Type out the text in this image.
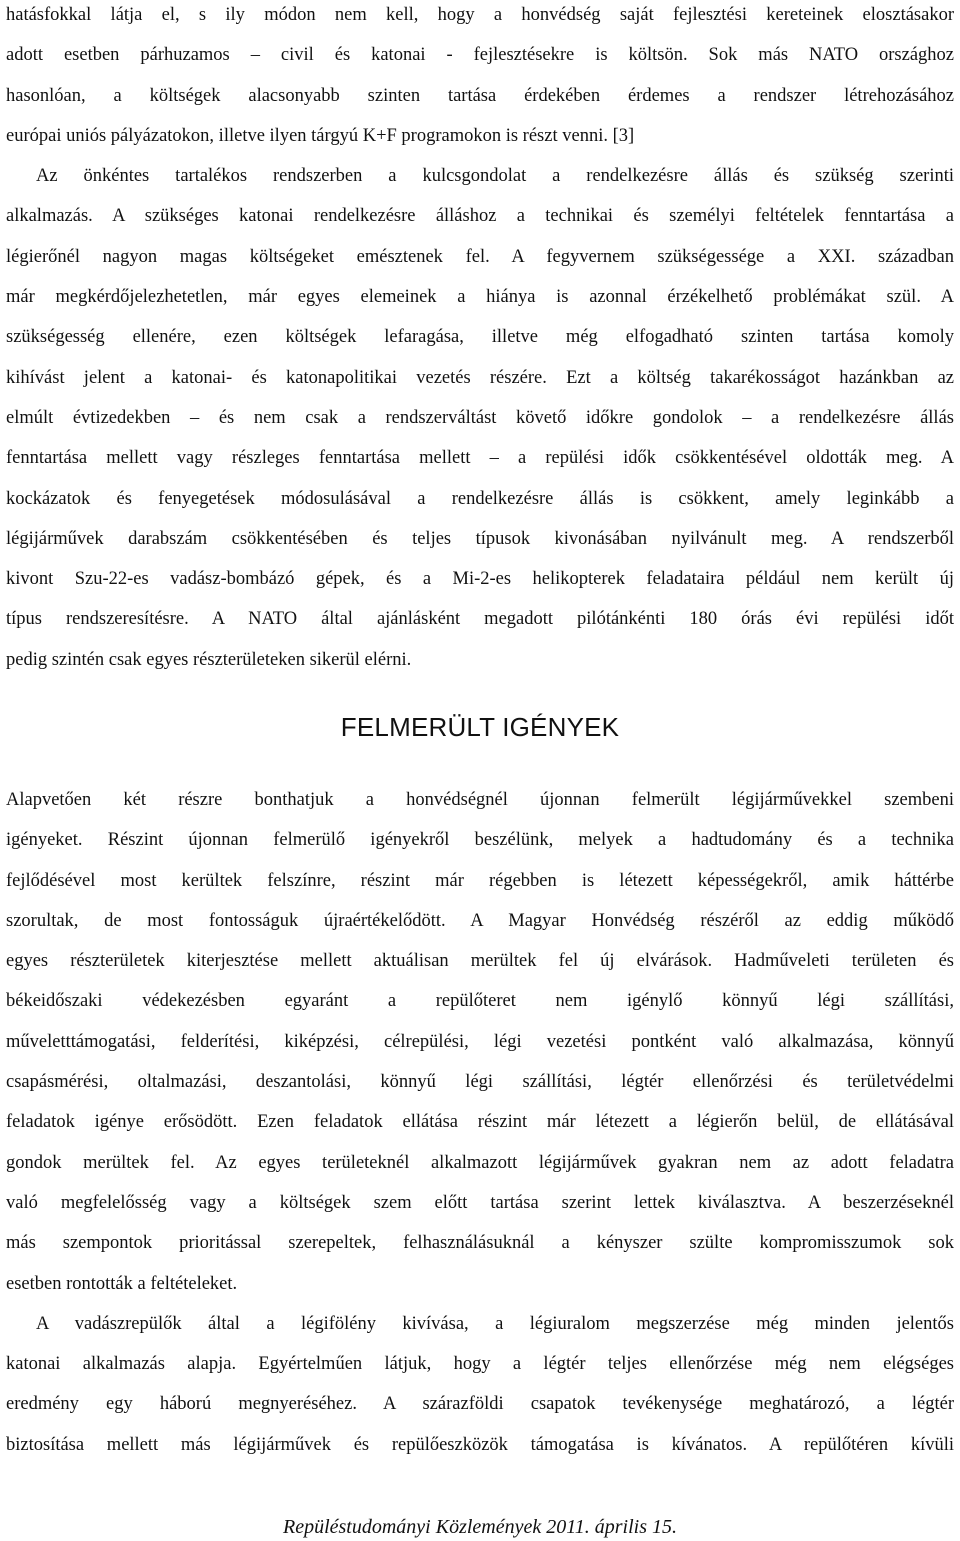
hatásfokkal látja el, s ily módon nem kell, hogy a honvédség saját fejlesztési kereteinek elosztásakor
adott esetben párhuzamos – civil és katonai - fejlesztésekre is költsön. Sok más NATO országhoz
hasonlóan, a költségek alacsonyabb szinten tartása érdekében érdemes a rendszer létrehozásához
európai uniós pályázatokon, illetve ilyen tárgyú K+F programokon is részt venni. [3]
Az önkéntes tartalékos rendszerben a kulcsgondolat a rendelkezésre állás és szükség szerinti
alkalmazás. A szükséges katonai rendelkezésre álláshoz a technikai és személyi feltételek fenntartása a
légierőnél nagyon magas költségeket emésztenek fel. A fegyvernem szükségessége a XXI. században
már megkérdőjelezhetetlen, már egyes elemeinek a hiánya is azonnal érzékelhető problémákat szül. A
szükségesség ellenére, ezen költségek lefaragása, illetve még elfogadható szinten tartása komoly
kihívást jelent a katonai- és katonapolitikai vezetés részére. Ezt a költség takarékosságot hazánkban az
elmúlt évtizedekben – és nem csak a rendszerváltást követő időkre gondolok – a rendelkezésre állás
fenntartása mellett vagy részleges fenntartása mellett – a repülési idők csökkentésével oldották meg. A
kockázatok és fenyegetések módosulásával a rendelkezésre állás is csökkent, amely leginkább a
légijárművek darabszám csökkentésében és teljes típusok kivonásában nyilvánult meg. A rendszerből
kivont Szu-22-es vadász-bombázó gépek, és a Mi-2-es helikopterek feladataira például nem került új
típus rendszeresítésre. A NATO által ajánlásként megadott pilótánkénti 180 órás évi repülési időt
pedig szintén csak egyes részterületeken sikerül elérni.
FELMERÜLT IGÉNYEK
Alapvetően két részre bonthatjuk a honvédségnél újonnan felmerült légijárművekkel szembeni
igényeket. Részint újonnan felmerülő igényekről beszélünk, melyek a hadtudomány és a technika
fejlődésével most kerültek felszínre, részint már régebben is létezett képességekről, amik háttérbe
szorultak, de most fontosságuk újraértékelődött. A Magyar Honvédség részéről az eddig működő
egyes részterületek kiterjesztése mellett aktuálisan merültek fel új elvárások. Hadműveleti területen és
békeidőszaki védekezésben egyaránt a repülőteret nem igénylő könnyű légi szállítási,
műveletttámogatási, felderítési, kiképzési, célrepülési, légi vezetési pontként való alkalmazása, könnyű
csapásmérési, oltalmazási, deszantolási, könnyű légi szállítási, légtér ellenőrzési és területvédelmi
feladatok igénye erősödött. Ezen feladatok ellátása részint már létezett a légierőn belül, de ellátásával
gondok merültek fel. Az egyes területeknél alkalmazott légijárművek gyakran nem az adott feladatra
való megfelelősség vagy a költségek szem előtt tartása szerint lettek kiválasztva. A beszerzéseknél
más szempontok prioritással szerepeltek, felhasználásuknál a kényszer szülte kompromisszumok sok
esetben rontották a feltételeket.
A vadászrepülők által a légifölény kivívása, a légiuralom megszerzése még minden jelentős
katonai alkalmazás alapja. Egyértelműen látjuk, hogy a légtér teljes ellenőrzése még nem elégséges
eredmény egy háború megnyeréséhez. A szárazföldi csapatok tevékenysége meghatározó, a légtér
biztosítása mellett más légijárművek és repülőeszközök támogatása is kívánatos. A repülőtéren kívüli
Repüléstudományi Közlemények 2011. április 15.
